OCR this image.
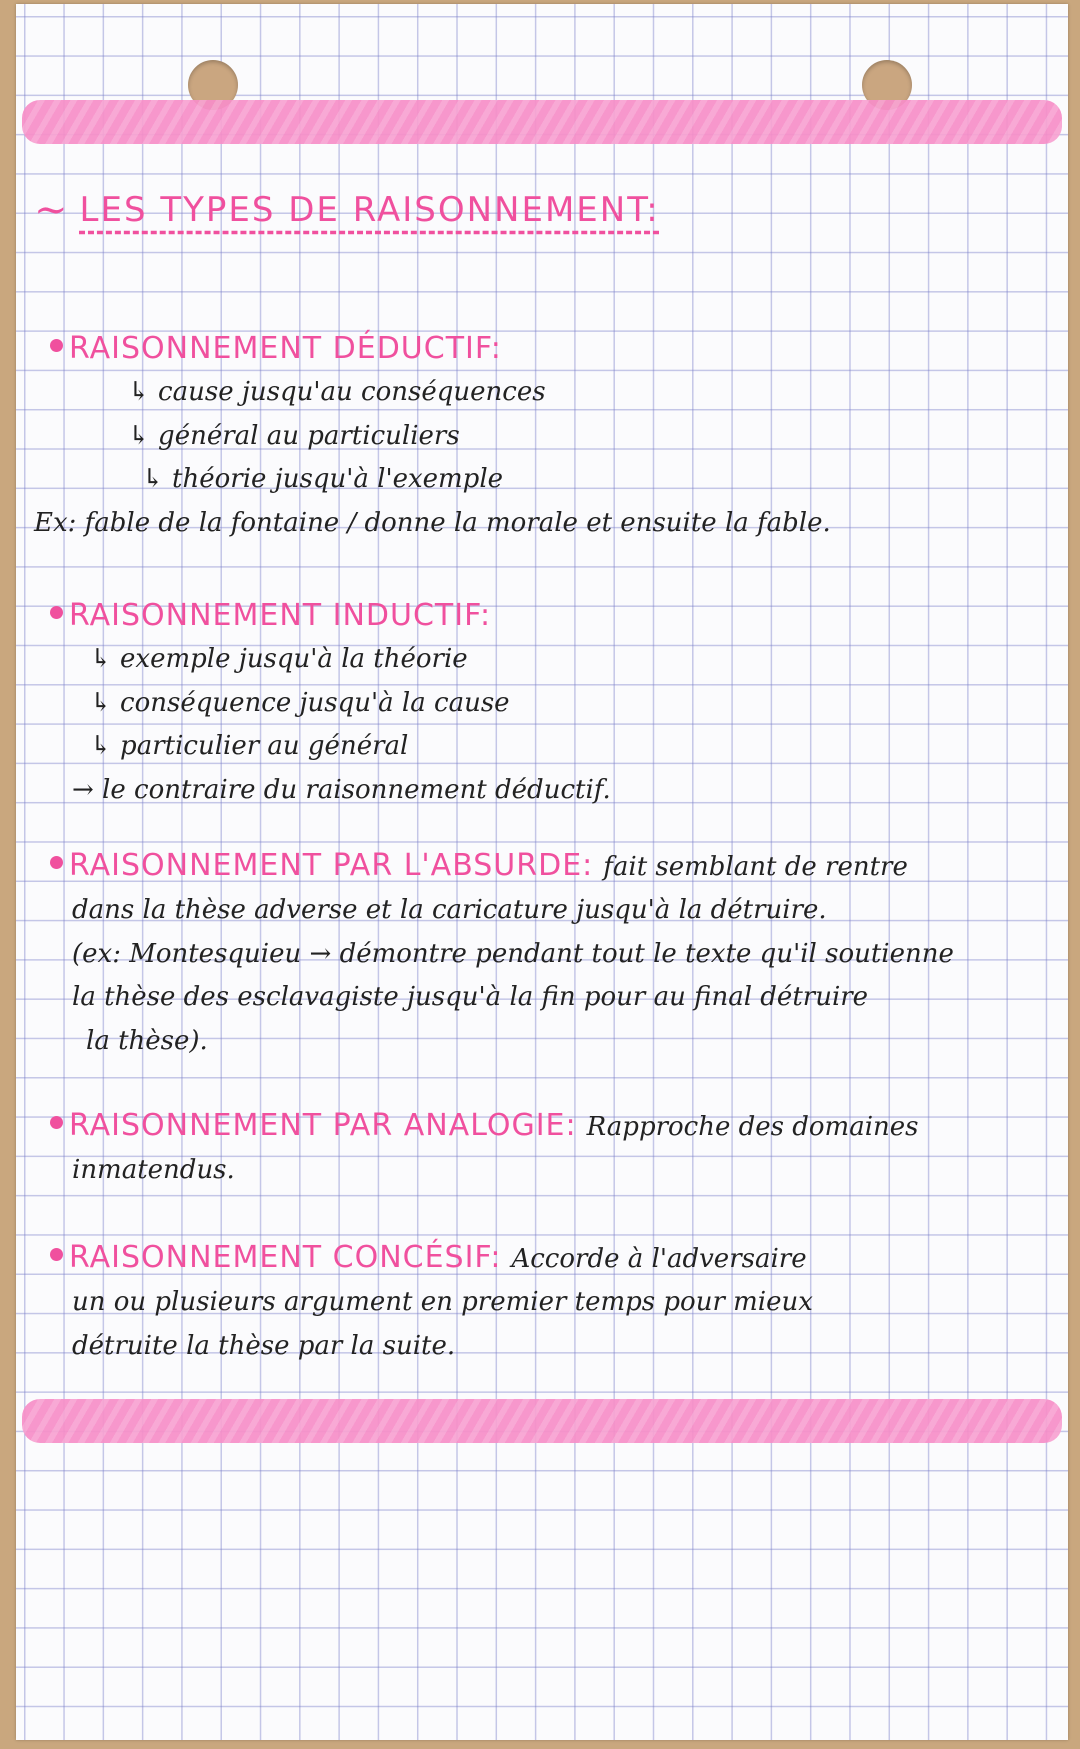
∼ LES TYPES DE RAISONNEMENT:
RAISONNEMENT DÉDUCTIF:
↳ cause jusqu'au conséquences
↳ général au particuliers
↳ théorie jusqu'à l'exemple
Ex: fable de la fontaine / donne la morale et ensuite la fable.
RAISONNEMENT INDUCTIF:
↳ exemple jusqu'à la théorie
↳ conséquence jusqu'à la cause
↳ particulier au général
→ le contraire du raisonnement déductif.
RAISONNEMENT PAR L'ABSURDE: fait semblant de rentre
dans la thèse adverse et la caricature jusqu'à la détruire.
(ex: Montesquieu → démontre pendant tout le texte qu'il soutienne
la thèse des esclavagiste jusqu'à la fin pour au final détruire
la thèse).
RAISONNEMENT PAR ANALOGIE: Rapproche des domaines
inmatendus.
RAISONNEMENT CONCÉSIF: Accorde à l'adversaire
un ou plusieurs argument en premier temps pour mieux
détruite la thèse par la suite.
